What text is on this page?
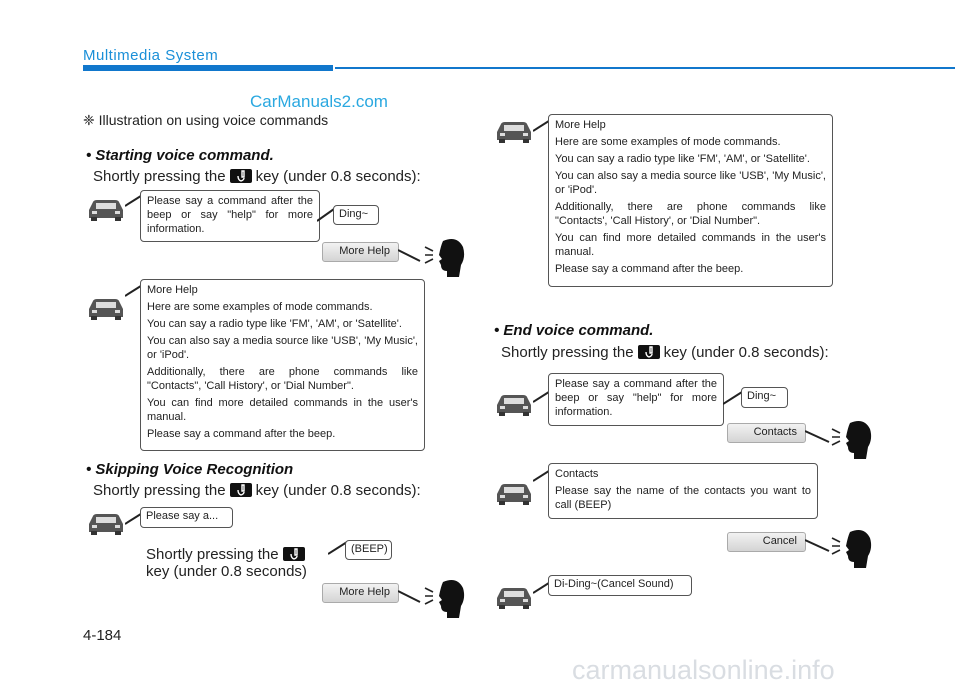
Multimedia System
CarManuals2.com
❈ Illustration on using voice commands
• Starting voice command.
Shortly pressing the key (under 0.8 seconds):
Please say a command after the beep or say "help" for more information.
Ding~
More Help

More Help

Here are some examples of mode commands.

You can say a radio type like 'FM', 'AM', or 'Satellite'.

You can also say a media source like 'USB', 'My Music', or 'iPod'.

Additionally, there are phone commands like "Contacts", 'Call History', or 'Dial Number".

You can find more detailed commands in the user's manual.

Please say a command after the beep.

• Skipping Voice Recognition
Shortly pressing the key (under 0.8 seconds):
Please say a...
Shortly pressing the

key (under 0.8 seconds)
(BEEP)
More Help

More Help

Here are some examples of mode commands.

You can say a radio type like 'FM', 'AM', or 'Satellite'.

You can also say a media source like 'USB', 'My Music', or 'iPod'.

Additionally, there are phone commands like "Contacts', 'Call History', or 'Dial Number".

You can find more detailed commands in the user's manual.

Please say a command after the beep.

• End voice command.
Shortly pressing the key (under 0.8 seconds):
Please say a command after the beep or say "help" for more information.
Ding~
Contacts

Contacts

Please say the name of the contacts you want to call (BEEP)

Cancel
Di-Ding~(Cancel Sound)
4-184
carmanualsonline.info
